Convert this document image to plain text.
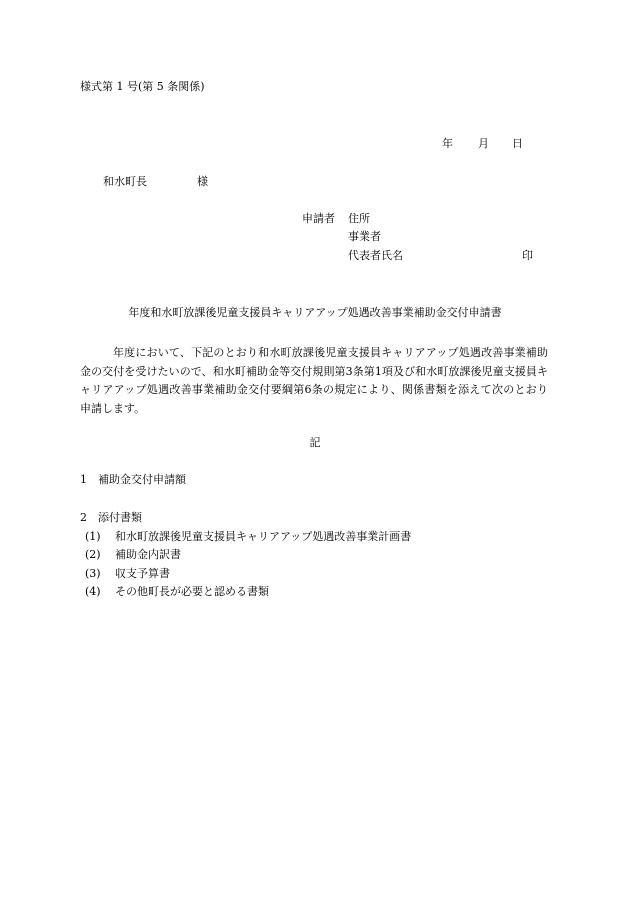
様式第 1 号(第 5 条関係)
年 月 日
和水町長	様
申請者 住所
事業者
代表者氏名	印
年度和水町放課後児童支援員キャリアアップ処遇改善事業補助金交付申請書
年度において、下記のとおり和水町放課後児童支援員キャリアアップ処遇改善事業補助金の交付を受けたいので、和水町補助金等交付規則第3条第1項及び和水町放課後児童支援員キャリアアップ処遇改善事業補助金交付要綱第6条の規定により、関係書類を添えて次のとおり申請します。
記
1　補助金交付申請額
2　添付書類
(1) 和水町放課後児童支援員キャリアアップ処遇改善事業計画書
(2) 補助金内訳書
(3) 収支予算書
(4) その他町長が必要と認める書類
